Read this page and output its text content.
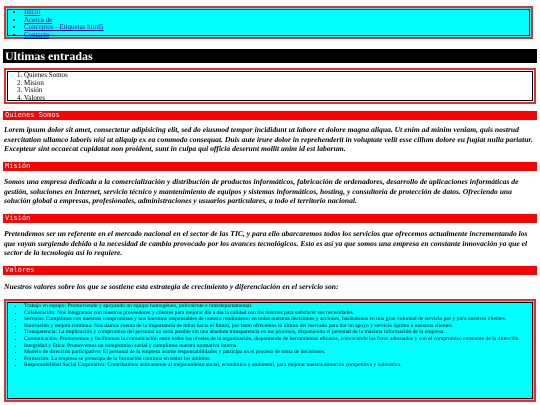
• Inicio
• Acerca de
• Conceptos - Etiquetas html5
• Contacto
Ultimas entradas
1. Quienes Somos
2. Mision
3. Visión
4. Valores
Quienes Somos

Lorem ipsum dolor sit amet, consectetur adipisicing elit, sed do eiusmod tempor incididunt ut labore et dolore magna aliqua. Ut enim ad minim veniam, quis nostrud exercitation ullamco laboris nisi ut aliquip ex ea commodo consequat. Duis aute irure dolor in reprehenderit in voluptate velit esse cillum dolore eu fugiat nulla pariatur. Excepteur sint occaecat cupidatat non proident, sunt in culpa qui officia deserunt mollit anim id est laborum.

Misión

Somos una empresa dedicada a la comercialización y distribución de productos informáticos, fabricación de ordenadores, desarrollo de aplicaciones informáticas de gestión, soluciones en Internet, servicio técnico y mantenimiento de equipos y sistemas informáticos, hosting, y consultoría de protección de datos. Ofreciendo una solución global a empresas, profesionales, administraciones y usuarios particulares, a todo el territorio nacional.

Visión

Pretendemos ser un referente en el mercado nacional en el sector de las TIC, y para ello abarcaremos todos los servicios que ofrecemos actualmente incrementando los que vayan surgiendo debido a la necesidad de cambio provocado por los avances tecnológicos. Esto es así ya que somos una empresa en constante innovación ya que el sector de la tecnología así lo requiere.

Valores

Nuestros valores sobre los que se sostiene esta estrategia de crecimiento y diferenciación en el servicio son:

• Trabajo en equipo: Promoviendo y apoyando un equipo homogéneo, polivalente e interdepartamental.
• Colaboración: Nos integramos con nuestros proveedores y clientes para mejorar día a día la calidad con los mismos para satisfacer sus necesidades.
• Servicio: Cumplimos con nuestros compromisos y nos hacemos responsables de nuestro rendimiento en todas nuestras decisiones y acciones, basándonos en una gran voluntad de servicio por y para nuestros clientes.
• Innovación y mejora continua: Nos damos cuenta de la importancia de mirar hacia el futuro, por tanto ofrecemos lo último del mercado para dar un apoyo y servicio óptimo a nuestros clientes.
• Transparencia: La implicación y compromiso del personal no sería posible sin una absoluta transparencia en los procesos, disponiendo el personal de la máxima información de la empresa.
• Comunicación: Promovemos y facilitamos la comunicación entre todos los niveles de la organización, disponiendo de herramientas eficaces, convocando los foros adecuados y con el compromiso constante de la dirección.
• Integridad y Ética: Promovemos un compromiso social y cumplimos nuestra normativa interna.
• Modelo de dirección participativo: El personal de la empresa asume responsabilidades y participa en el proceso de toma de decisiones.
• Formación: La empresa se preocupa de la formación continua en todos los ámbitos.
• Responsabilidad Social Corporativa: Contribuimos activamente al mejoramiento social, económico y ambiental, para mejorar nuestra situación competitiva y valorativa.
